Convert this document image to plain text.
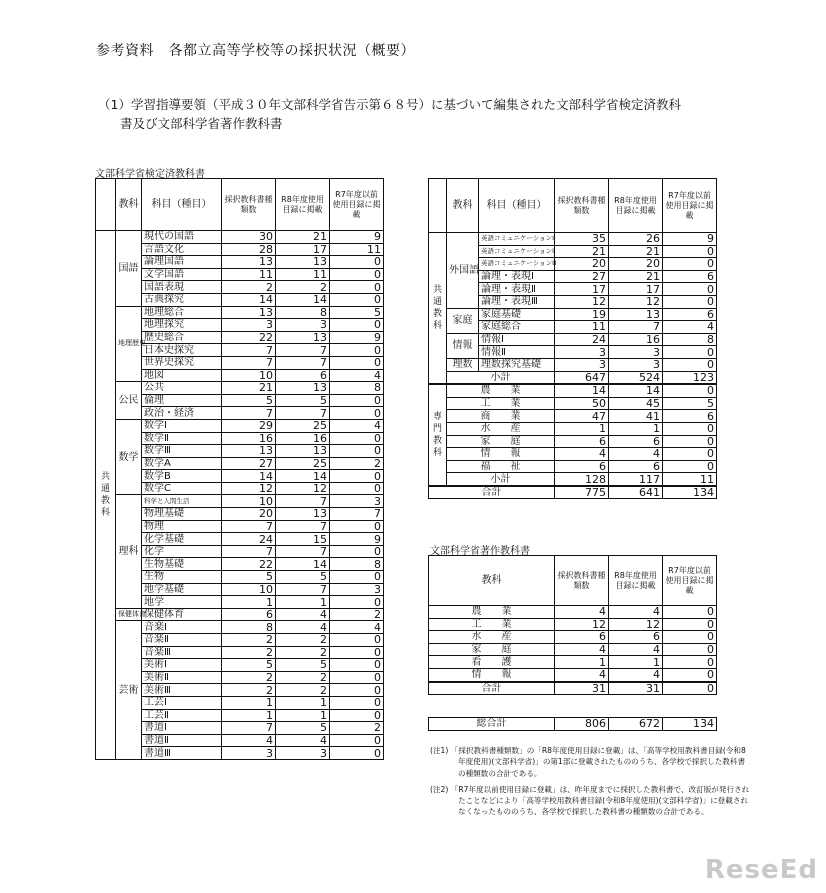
参考資料　各都立高等学校等の採択状況（概要）
（1）学習指導要領（平成３０年文部科学省告示第６８号）に基づいて編集された文部科学省検定済教科
書及び文部科学省著作教科書
文部科学省検定済教科書
	教科	科目（種目）	採択教科書種類数	R8年度使用目録に掲載	R7年度以前使用目録に掲載
共通教科	国語	現代の国語	30	21	9
		言語文化	28	17	11
		論理国語	13	13	0
		文学国語	11	11	0
		国語表現	2	2	0
		古典探究	14	14	0
	地理歴史	地理総合	13	8	5
		地理探究	3	3	0
		歴史総合	22	13	9
		日本史探究	7	7	0
		世界史探究	7	7	0
		地図	10	6	4
	公民	公共	21	13	8
		倫理	5	5	0
		政治・経済	7	7	0
	数学	数学Ⅰ	29	25	4
		数学Ⅱ	16	16	0
		数学Ⅲ	13	13	0
		数学A	27	25	2
		数学B	14	14	0
		数学C	12	12	0
	理科	科学と人間生活	10	7	3
		物理基礎	20	13	7
		物理	7	7	0
		化学基礎	24	15	9
		化学	7	7	0
		生物基礎	22	14	8
		生物	5	5	0
		地学基礎	10	7	3
		地学	1	1	0
	保健体育	保健体育	6	4	2
	芸術	音楽Ⅰ	8	4	4
		音楽Ⅱ	2	2	0
		音楽Ⅲ	2	2	0
		美術Ⅰ	5	5	0
		美術Ⅱ	2	2	0
		美術Ⅲ	2	2	0
		工芸Ⅰ	1	1	0
		工芸Ⅱ	1	1	0
		書道Ⅰ	7	5	2
		書道Ⅱ	4	4	0
		書道Ⅲ	3	3	0
	教科	科目（種目）	採択教科書種類数	R8年度使用目録に掲載	R7年度以前使用目録に掲載
共通教科	外国語	英語コミュニケーションⅠ	35	26	9
		英語コミュニケーションⅡ	21	21	0
		英語コミュニケーションⅢ	20	20	0
		論理・表現Ⅰ	27	21	6
		論理・表現Ⅱ	17	17	0
		論理・表現Ⅲ	12	12	0
	家庭	家庭基礎	19	13	6
		家庭総合	11	7	4
	情報	情報Ⅰ	24	16	8
		情報Ⅱ	3	3	0
	理数	理数探究基礎	3	3	0
	小計		647	524	123
専門教科	農　　業		14	14	0
	工　　業		50	45	5
	商　　業		47	41	6
	水　　産		1	1	0
	家　　庭		6	6	0
	情　　報		4	4	0
	福　　祉		6	6	0
	小計		128	117	11
合計			775	641	134
文部科学省著作教科書
教科	採択教科書種類数	R8年度使用目録に掲載	R7年度以前使用目録に掲載
農　　業	4	4	0
工　　業	12	12	0
水　　産	6	6	0
家　　庭	4	4	0
看　　護	1	1	0
情　　報	4	4	0
合計	31	31	0
総合計	806	672	134

(注1) 「採択教科書種類数」の「R8年度使用目録に登載」は、「高等学校用教科書目録(令和8年度使用)(文部科学省)」の第1部に登載されたもののうち、各学校で採択した教科書の種類数の合計である。

(注2) 「R7年度以前使用目録に登載」は、昨年度までに採択した教科書で、改訂版が発行されたことなどにより「高等学校用教科書目録(令和8年度使用)(文部科学省)」に登載されなくなったもののうち、各学校で採択した教科書の種類数の合計である。

ReseEd
